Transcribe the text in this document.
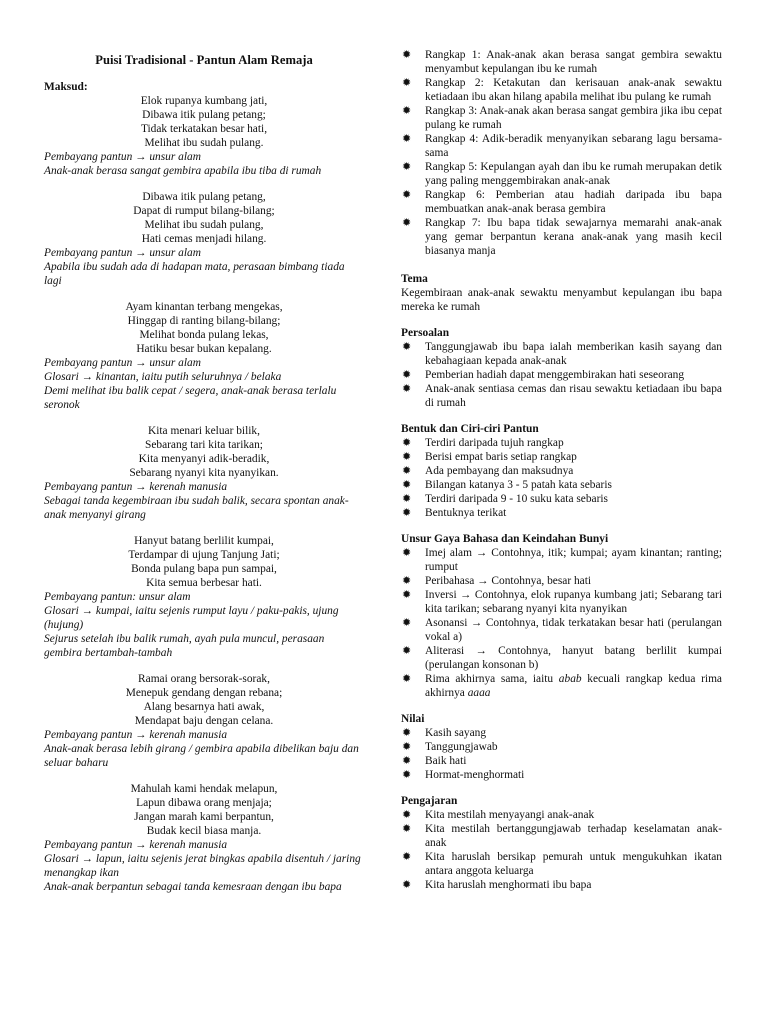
Puisi Tradisional - Pantun Alam Remaja
Maksud:
Elok rupanya kumbang jati,
Dibawa itik pulang petang;
Tidak terkatakan besar hati,
Melihat ibu sudah pulang.
Pembayang pantun → unsur alam
Anak-anak berasa sangat gembira apabila ibu tiba di rumah
Dibawa itik pulang petang,
Dapat di rumput bilang-bilang;
Melihat ibu sudah pulang,
Hati cemas menjadi hilang.
Pembayang pantun → unsur alam
Apabila ibu sudah ada di hadapan mata, perasaan bimbang tiada lagi
Ayam kinantan terbang mengekas,
Hinggap di ranting bilang-bilang;
Melihat bonda pulang lekas,
Hatiku besar bukan kepalang.
Pembayang pantun → unsur alam
Glosari → kinantan, iaitu putih seluruhnya / belaka
Demi melihat ibu balik cepat / segera, anak-anak berasa terlalu seronok
Kita menari keluar bilik,
Sebarang tari kita tarikan;
Kita menyanyi adik-beradik,
Sebarang nyanyi kita nyanyikan.
Pembayang pantun → kerenah manusia
Sebagai tanda kegembiraan ibu sudah balik, secara spontan anak-anak menyanyi girang
Hanyut batang berlilit kumpai,
Terdampar di ujung Tanjung Jati;
Bonda pulang bapa pun sampai,
Kita semua berbesar hati.
Pembayang pantun: unsur alam
Glosari → kumpai, iaitu sejenis rumput layu / paku-pakis, ujung (hujung)
Sejurus setelah ibu balik rumah, ayah pula muncul, perasaan gembira bertambah-tambah
Ramai orang bersorak-sorak,
Menepuk gendang dengan rebana;
Alang besarnya hati awak,
Mendapat baju dengan celana.
Pembayang pantun → kerenah manusia
Anak-anak berasa lebih girang / gembira apabila dibelikan baju dan seluar baharu
Mahulah kami hendak melapun,
Lapun dibawa orang menjaja;
Jangan marah kami berpantun,
Budak kecil biasa manja.
Pembayang pantun → kerenah manusia
Glosari → lapun, iaitu sejenis jerat bingkas apabila disentuh / jaring menangkap ikan
Anak-anak berpantun sebagai tanda kemesraan dengan ibu bapa
✹ Rangkap 1: Anak-anak akan berasa sangat gembira sewaktu menyambut kepulangan ibu ke rumah
✹ Rangkap 2: Ketakutan dan kerisauan anak-anak sewaktu ketiadaan ibu akan hilang apabila melihat ibu pulang ke rumah
✹ Rangkap 3: Anak-anak akan berasa sangat gembira jika ibu cepat pulang ke rumah
✹ Rangkap 4: Adik-beradik menyanyikan sebarang lagu bersama-sama
✹ Rangkap 5: Kepulangan ayah dan ibu ke rumah merupakan detik yang paling menggembirakan anak-anak
✹ Rangkap 6: Pemberian atau hadiah daripada ibu bapa membuatkan anak-anak berasa gembira
✹ Rangkap 7: Ibu bapa tidak sewajarnya memarahi anak-anak yang gemar berpantun kerana anak-anak yang masih kecil biasanya manja
Tema

Kegembiraan anak-anak sewaktu menyambut kepulangan ibu bapa mereka ke rumah

Persoalan
✹ Tanggungjawab ibu bapa ialah memberikan kasih sayang dan kebahagiaan kepada anak-anak
✹ Pemberian hadiah dapat menggembirakan hati seseorang
✹ Anak-anak sentiasa cemas dan risau sewaktu ketiadaan ibu bapa di rumah
Bentuk dan Ciri-ciri Pantun
✹ Terdiri daripada tujuh rangkap
✹ Berisi empat baris setiap rangkap
✹ Ada pembayang dan maksudnya
✹ Bilangan katanya 3 - 5 patah kata sebaris
✹ Terdiri daripada 9 - 10 suku kata sebaris
✹ Bentuknya terikat
Unsur Gaya Bahasa dan Keindahan Bunyi
✹ Imej alam → Contohnya, itik; kumpai; ayam kinantan; ranting; rumput
✹ Peribahasa → Contohnya, besar hati
✹ Inversi → Contohnya, elok rupanya kumbang jati; Sebarang tari kita tarikan; sebarang nyanyi kita nyanyikan
✹ Asonansi → Contohnya, tidak terkatakan besar hati (perulangan vokal a)
✹ Aliterasi → Contohnya, hanyut batang berlilit kumpai (perulangan konsonan b)
✹ Rima akhirnya sama, iaitu abab kecuali rangkap kedua rima akhirnya aaaa
Nilai
✹ Kasih sayang
✹ Tanggungjawab
✹ Baik hati
✹ Hormat-menghormati
Pengajaran
✹ Kita mestilah menyayangi anak-anak
✹ Kita mestilah bertanggungjawab terhadap keselamatan anak-anak
✹ Kita haruslah bersikap pemurah untuk mengukuhkan ikatan antara anggota keluarga
✹ Kita haruslah menghormati ibu bapa
